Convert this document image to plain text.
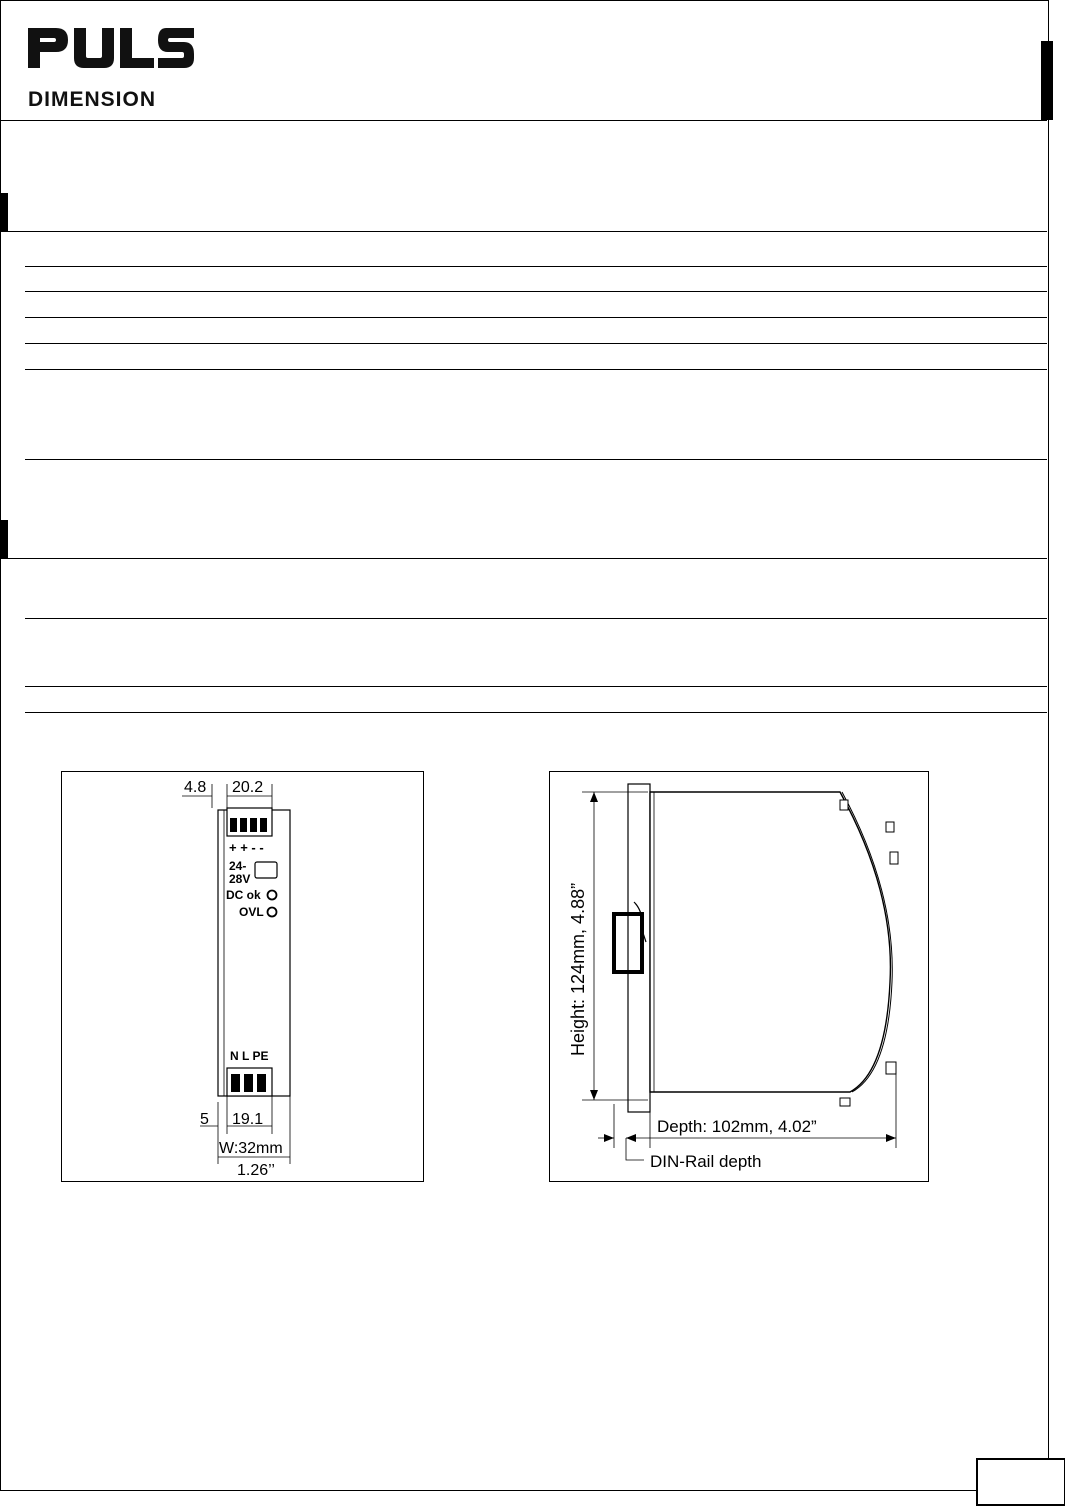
DIMENSION
4.8 20.2
+ + - -
24-
28V
DC ok
OVL
N L PE
5 19.1
W:32mm
1.26’’
Height: 124mm, 4.88”
Depth: 102mm, 4.02”
DIN-Rail depth
